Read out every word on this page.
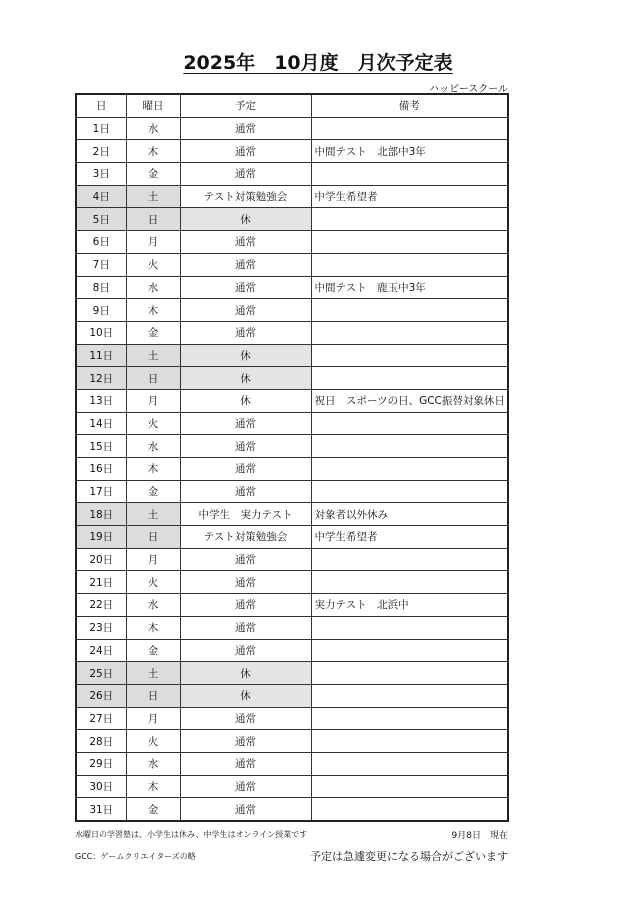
2025年　10月度　月次予定表
ハッピースクール
日	曜日	予定	備考
1日	水	通常	
2日	木	通常	中間テスト　北部中3年
3日	金	通常	
4日	土	テスト対策勉強会	中学生希望者
5日	日	休	
6日	月	通常	
7日	火	通常	
8日	水	通常	中間テスト　鹿玉中3年
9日	木	通常	
10日	金	通常	
11日	土	休	
12日	日	休	
13日	月	休	祝日　スポーツの日、GCC振替対象休日
14日	火	通常	
15日	水	通常	
16日	木	通常	
17日	金	通常	
18日	土	中学生　実力テスト	対象者以外休み
19日	日	テスト対策勉強会	中学生希望者
20日	月	通常	
21日	火	通常	
22日	水	通常	実力テスト　北浜中
23日	木	通常	
24日	金	通常	
25日	土	休	
26日	日	休	
27日	月	通常	
28日	火	通常	
29日	水	通常	
30日	木	通常	
31日	金	通常	
水曜日の学習塾は、小学生は休み、中学生はオンライン授業です	9月8日　現在
GCC：ゲームクリエイターズの略	予定は急遽変更になる場合がございます
